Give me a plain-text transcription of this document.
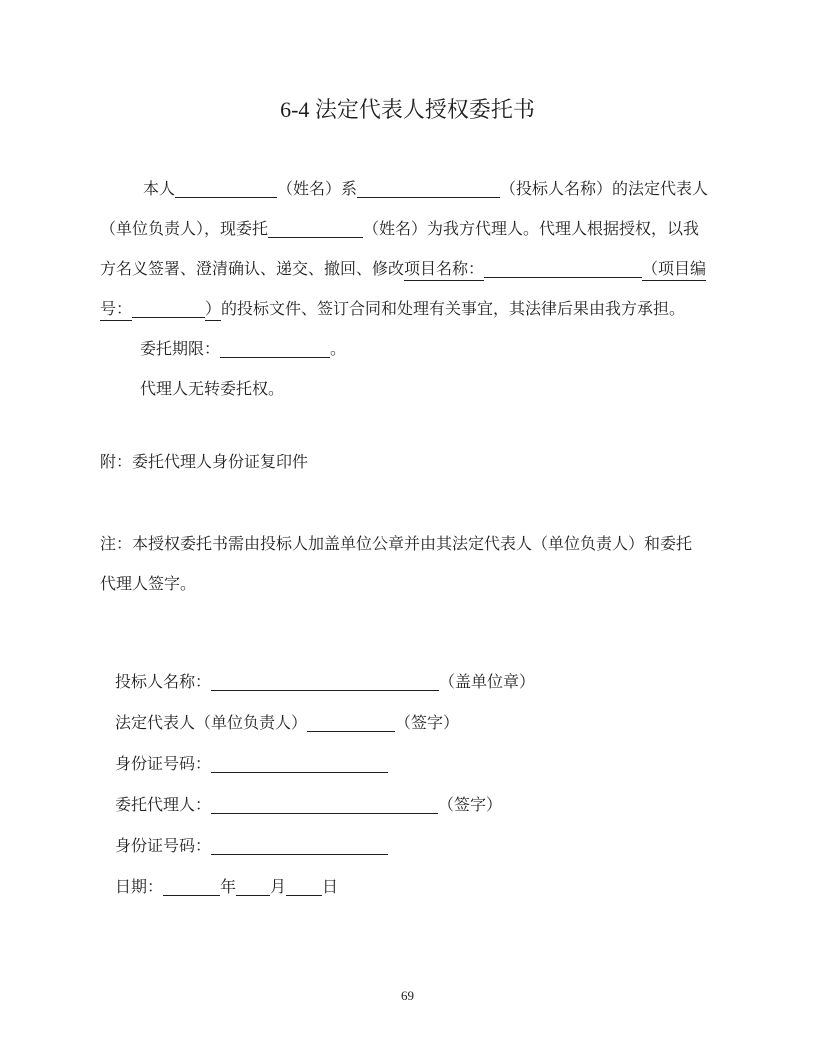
6-4 法定代表人授权委托书
本人	（姓名）系	（投标人名称）的法定代表人
（单位负责人），现委托	（姓名）为我方代理人。代理人根据授权，以我
方名义签署、澄清确认、递交、撤回、修改项目名称：	（项目编
号：	）的投标文件、签订合同和处理有关事宜，其法律后果由我方承担。
委托期限：	。
代理人无转委托权。
附：委托代理人身份证复印件
注：本授权委托书需由投标人加盖单位公章并由其法定代表人（单位负责人）和委托
代理人签字。
投标人名称：	（盖单位章）
法定代表人（单位负责人）	（签字）
身份证号码：
委托代理人：	（签字）
身份证号码：
日期：	年 月 日
69
